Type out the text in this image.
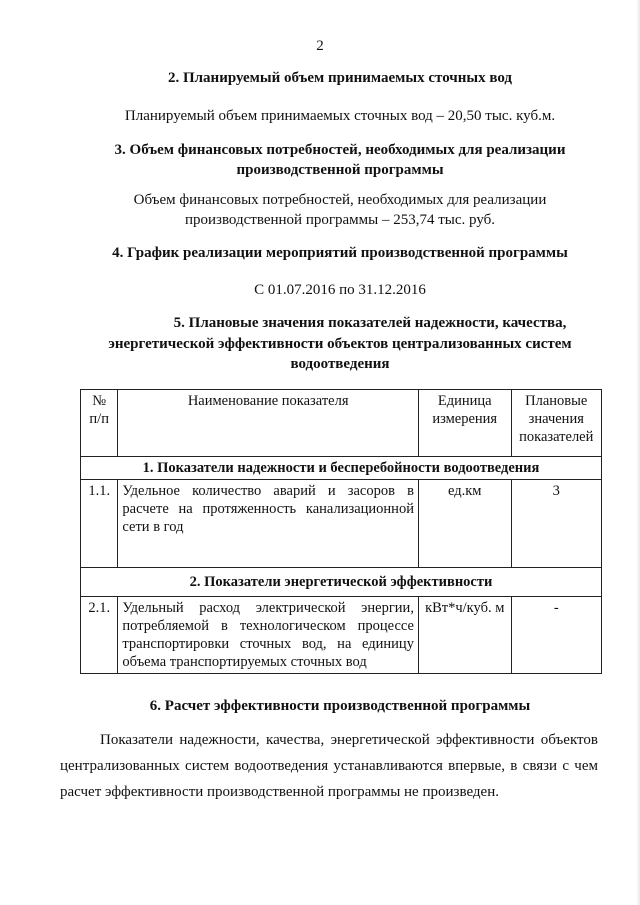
2
2. Планируемый объем принимаемых сточных вод
Планируемый объем принимаемых сточных вод – 20,50 тыс. куб.м.
3. Объем финансовых потребностей, необходимых для реализации
производственной программы
Объем финансовых потребностей, необходимых для реализации
производственной программы – 253,74 тыс. руб.
4. График реализации мероприятий производственной программы
С 01.07.2016 по 31.12.2016
5. Плановые значения показателей надежности, качества,
энергетической эффективности объектов централизованных систем
водоотведения
№ п/п	Наименование показателя	Единица измерения	Плановые значения показателей
1. Показатели надежности и бесперебойности водоотведения			
1.1.	Удельное количество аварий и засоров в расчете на протяженность канализационной сети в год	ед.км	3
2. Показатели энергетической эффективности			
2.1.	Удельный расход электрической энергии, потребляемой в технологическом процессе транспортировки сточных вод, на единицу объема транспортируемых сточных вод	кВт*ч/куб. м	-
6. Расчет эффективности производственной программы
Показатели надежности, качества, энергетической эффективности объектов централизованных систем водоотведения устанавливаются впервые, в связи с чем расчет эффективности производственной программы не произведен.
